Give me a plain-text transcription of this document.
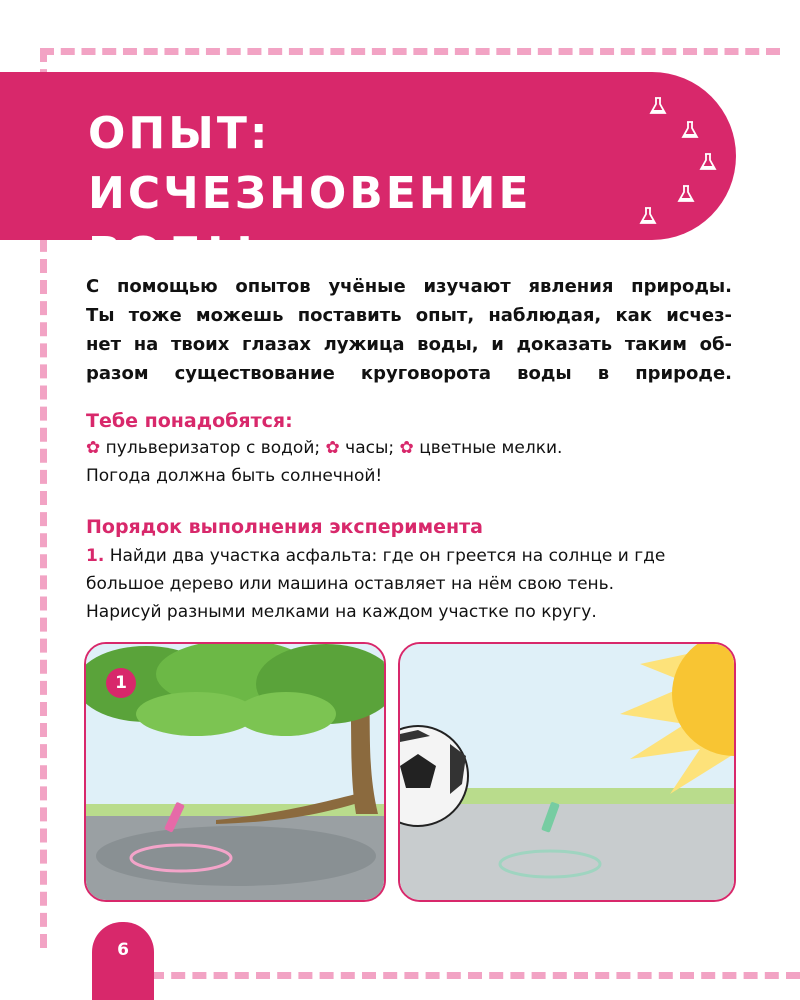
ОПЫТ: ИСЧЕЗНОВЕНИЕ
ВОДЫ
С помощью опытов учёные изучают явления природы.
Ты тоже можешь поставить опыт, наблюдая, как исчез-
нет на твоих глазах лужица воды, и доказать таким об-
разом существование круговорота воды в природе.
Тебе понадобятся:
✿ пульверизатор с водой; ✿ часы; ✿ цветные мелки.
Погода должна быть солнечной!
Порядок выполнения эксперимента
1. Найди два участка асфальта: где он греется на солнце и где
большое дерево или машина оставляет на нём свою тень.
Нарисуй разными мелками на каждом участке по кругу.
1
6
